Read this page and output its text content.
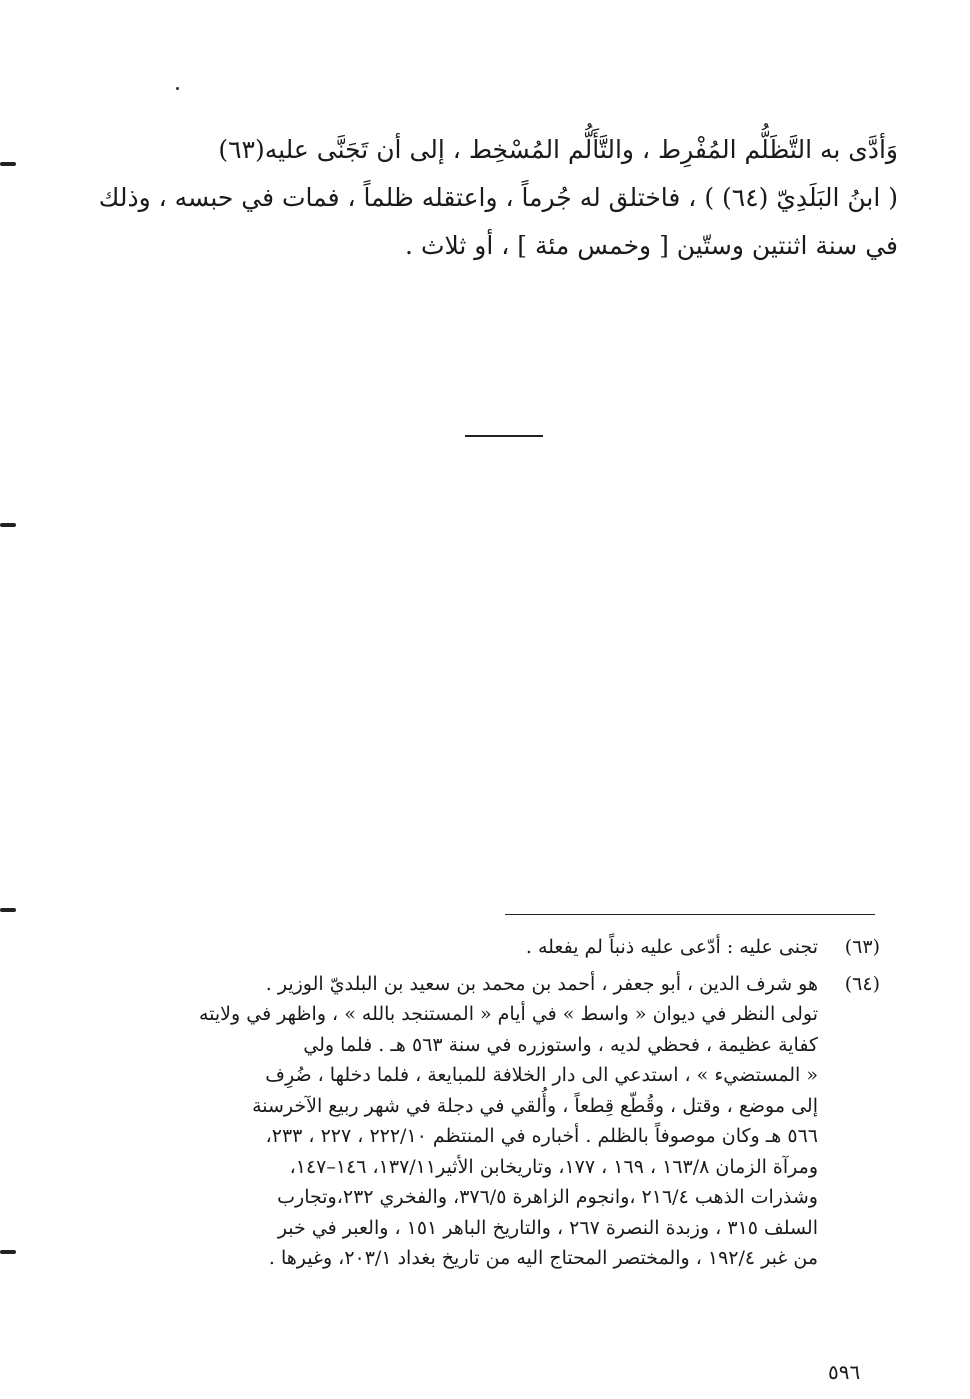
وَأدَّى به التَّظَلُّم المُفْرِط ، والتَّأَلُّم المُسْخِط ، إلى أن تَجَنَّى عليه(٦٣)
( ابنُ البَلَدِيّ (٦٤) ) ، فاختلق له جُرماً ، واعتقله ظلماً ، فمات في حبسه ، وذلك
في سنة اثنتين وستّين [ وخمس مئة ] ، أو ثلاث .
(٦٣)
تجنى عليه : أدّعى عليه ذنباً لم يفعله .
(٦٤)
هو شرف الدين ، أبو جعفر ، أحمد بن محمد بن سعيد بن البلديّ الوزير .
تولى النظر في ديوان « واسط » في أيام « المستنجد بالله » ، واظهر في ولايته
كفاية عظيمة ، فحظي لديه ، واستوزره في سنة ٥٦٣ هـ . فلما ولي
« المستضيء » ، استدعي الى دار الخلافة للمبايعة ، فلما دخلها ، ضُرِف
إلى موضع ، وقتل ، وقُطّع قِطعاً ، وأُلقي في دجلة في شهر ربيع الآخرسنة
٥٦٦ هـ وكان موصوفاً بالظلم . أخباره في المنتظم ٢٢٢/١٠ ، ٢٢٧ ، ٢٣٣،
ومرآة الزمان ١٦٣/٨ ، ١٦٩ ، ١٧٧، وتاريخابن الأثير١٣٧/١١، ١٤٦–١٤٧،
وشذرات الذهب ٢١٦/٤ ،وانجوم الزاهرة ٣٧٦/٥، والفخري ٢٣٢،وتجارب
السلف ٣١٥ ، وزبدة النصرة ٢٦٧ ، والتاريخ الباهر ١٥١ ، والعبر في خبر
من غبر ١٩٢/٤ ، والمختصر المحتاج اليه من تاريخ بغداد ٢٠٣/١، وغيرها .
٥٩٦
